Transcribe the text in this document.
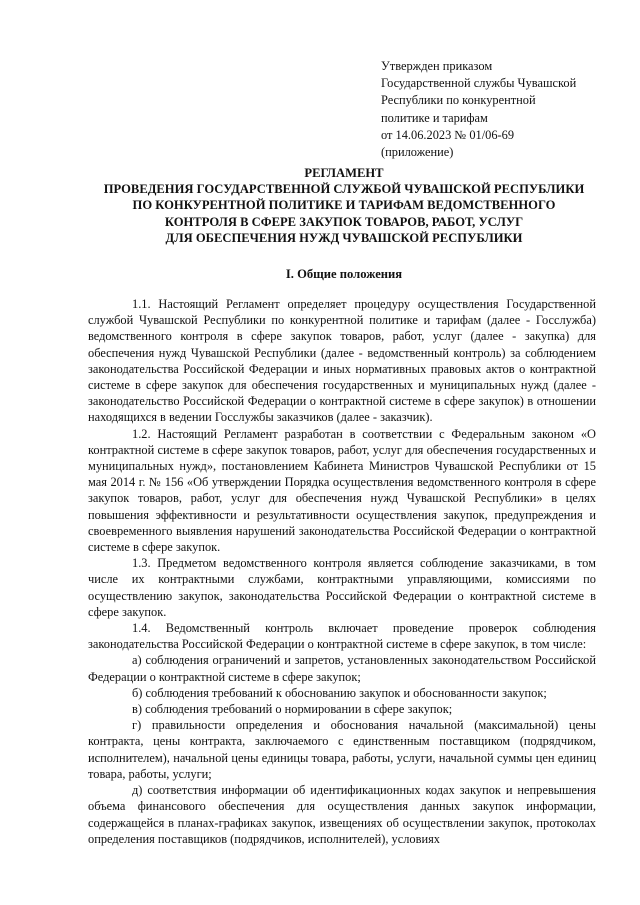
Утвержден приказом
Государственной службы Чувашской
Республики по конкурентной
политике и тарифам
от 14.06.2023 № 01/06-69
(приложение)
РЕГЛАМЕНТ
ПРОВЕДЕНИЯ ГОСУДАРСТВЕННОЙ СЛУЖБОЙ ЧУВАШСКОЙ РЕСПУБЛИКИ
ПО КОНКУРЕНТНОЙ ПОЛИТИКЕ И ТАРИФАМ ВЕДОМСТВЕННОГО
КОНТРОЛЯ В СФЕРЕ ЗАКУПОК ТОВАРОВ, РАБОТ, УСЛУГ
ДЛЯ ОБЕСПЕЧЕНИЯ НУЖД ЧУВАШСКОЙ РЕСПУБЛИКИ
I. Общие положения

1.1. Настоящий Регламент определяет процедуру осуществления Государственной службой Чувашской Республики по конкурентной политике и тарифам (далее - Госслужба) ведомственного контроля в сфере закупок товаров, работ, услуг (далее - закупка) для обеспечения нужд Чувашской Республики (далее - ведомственный контроль) за соблюдением законодательства Российской Федерации и иных нормативных правовых актов о контрактной системе в сфере закупок для обеспечения государственных и муниципальных нужд (далее - законодательство Российской Федерации о контрактной системе в сфере закупок) в отношении находящихся в ведении Госслужбы заказчиков (далее - заказчик).

1.2. Настоящий Регламент разработан в соответствии с Федеральным законом «О контрактной системе в сфере закупок товаров, работ, услуг для обеспечения государственных и муниципальных нужд», постановлением Кабинета Министров Чувашской Республики от 15 мая 2014 г. № 156 «Об утверждении Порядка осуществления ведомственного контроля в сфере закупок товаров, работ, услуг для обеспечения нужд Чувашской Республики» в целях повышения эффективности и результативности осуществления закупок, предупреждения и своевременного выявления нарушений законодательства Российской Федерации о контрактной системе в сфере закупок.

1.3. Предметом ведомственного контроля является соблюдение заказчиками, в том числе их контрактными службами, контрактными управляющими, комиссиями по осуществлению закупок, законодательства Российской Федерации о контрактной системе в сфере закупок.

1.4. Ведомственный контроль включает проведение проверок соблюдения законодательства Российской Федерации о контрактной системе в сфере закупок, в том числе:

а) соблюдения ограничений и запретов, установленных законодательством Российской Федерации о контрактной системе в сфере закупок;

б) соблюдения требований к обоснованию закупок и обоснованности закупок;

в) соблюдения требований о нормировании в сфере закупок;

г) правильности определения и обоснования начальной (максимальной) цены контракта, цены контракта, заключаемого с единственным поставщиком (подрядчиком, исполнителем), начальной цены единицы товара, работы, услуги, начальной суммы цен единиц товара, работы, услуги;

д) соответствия информации об идентификационных кодах закупок и непревышения объема финансового обеспечения для осуществления данных закупок информации, содержащейся в планах-графиках закупок, извещениях об осуществлении закупок, протоколах определения поставщиков (подрядчиков, исполнителей), условиях
